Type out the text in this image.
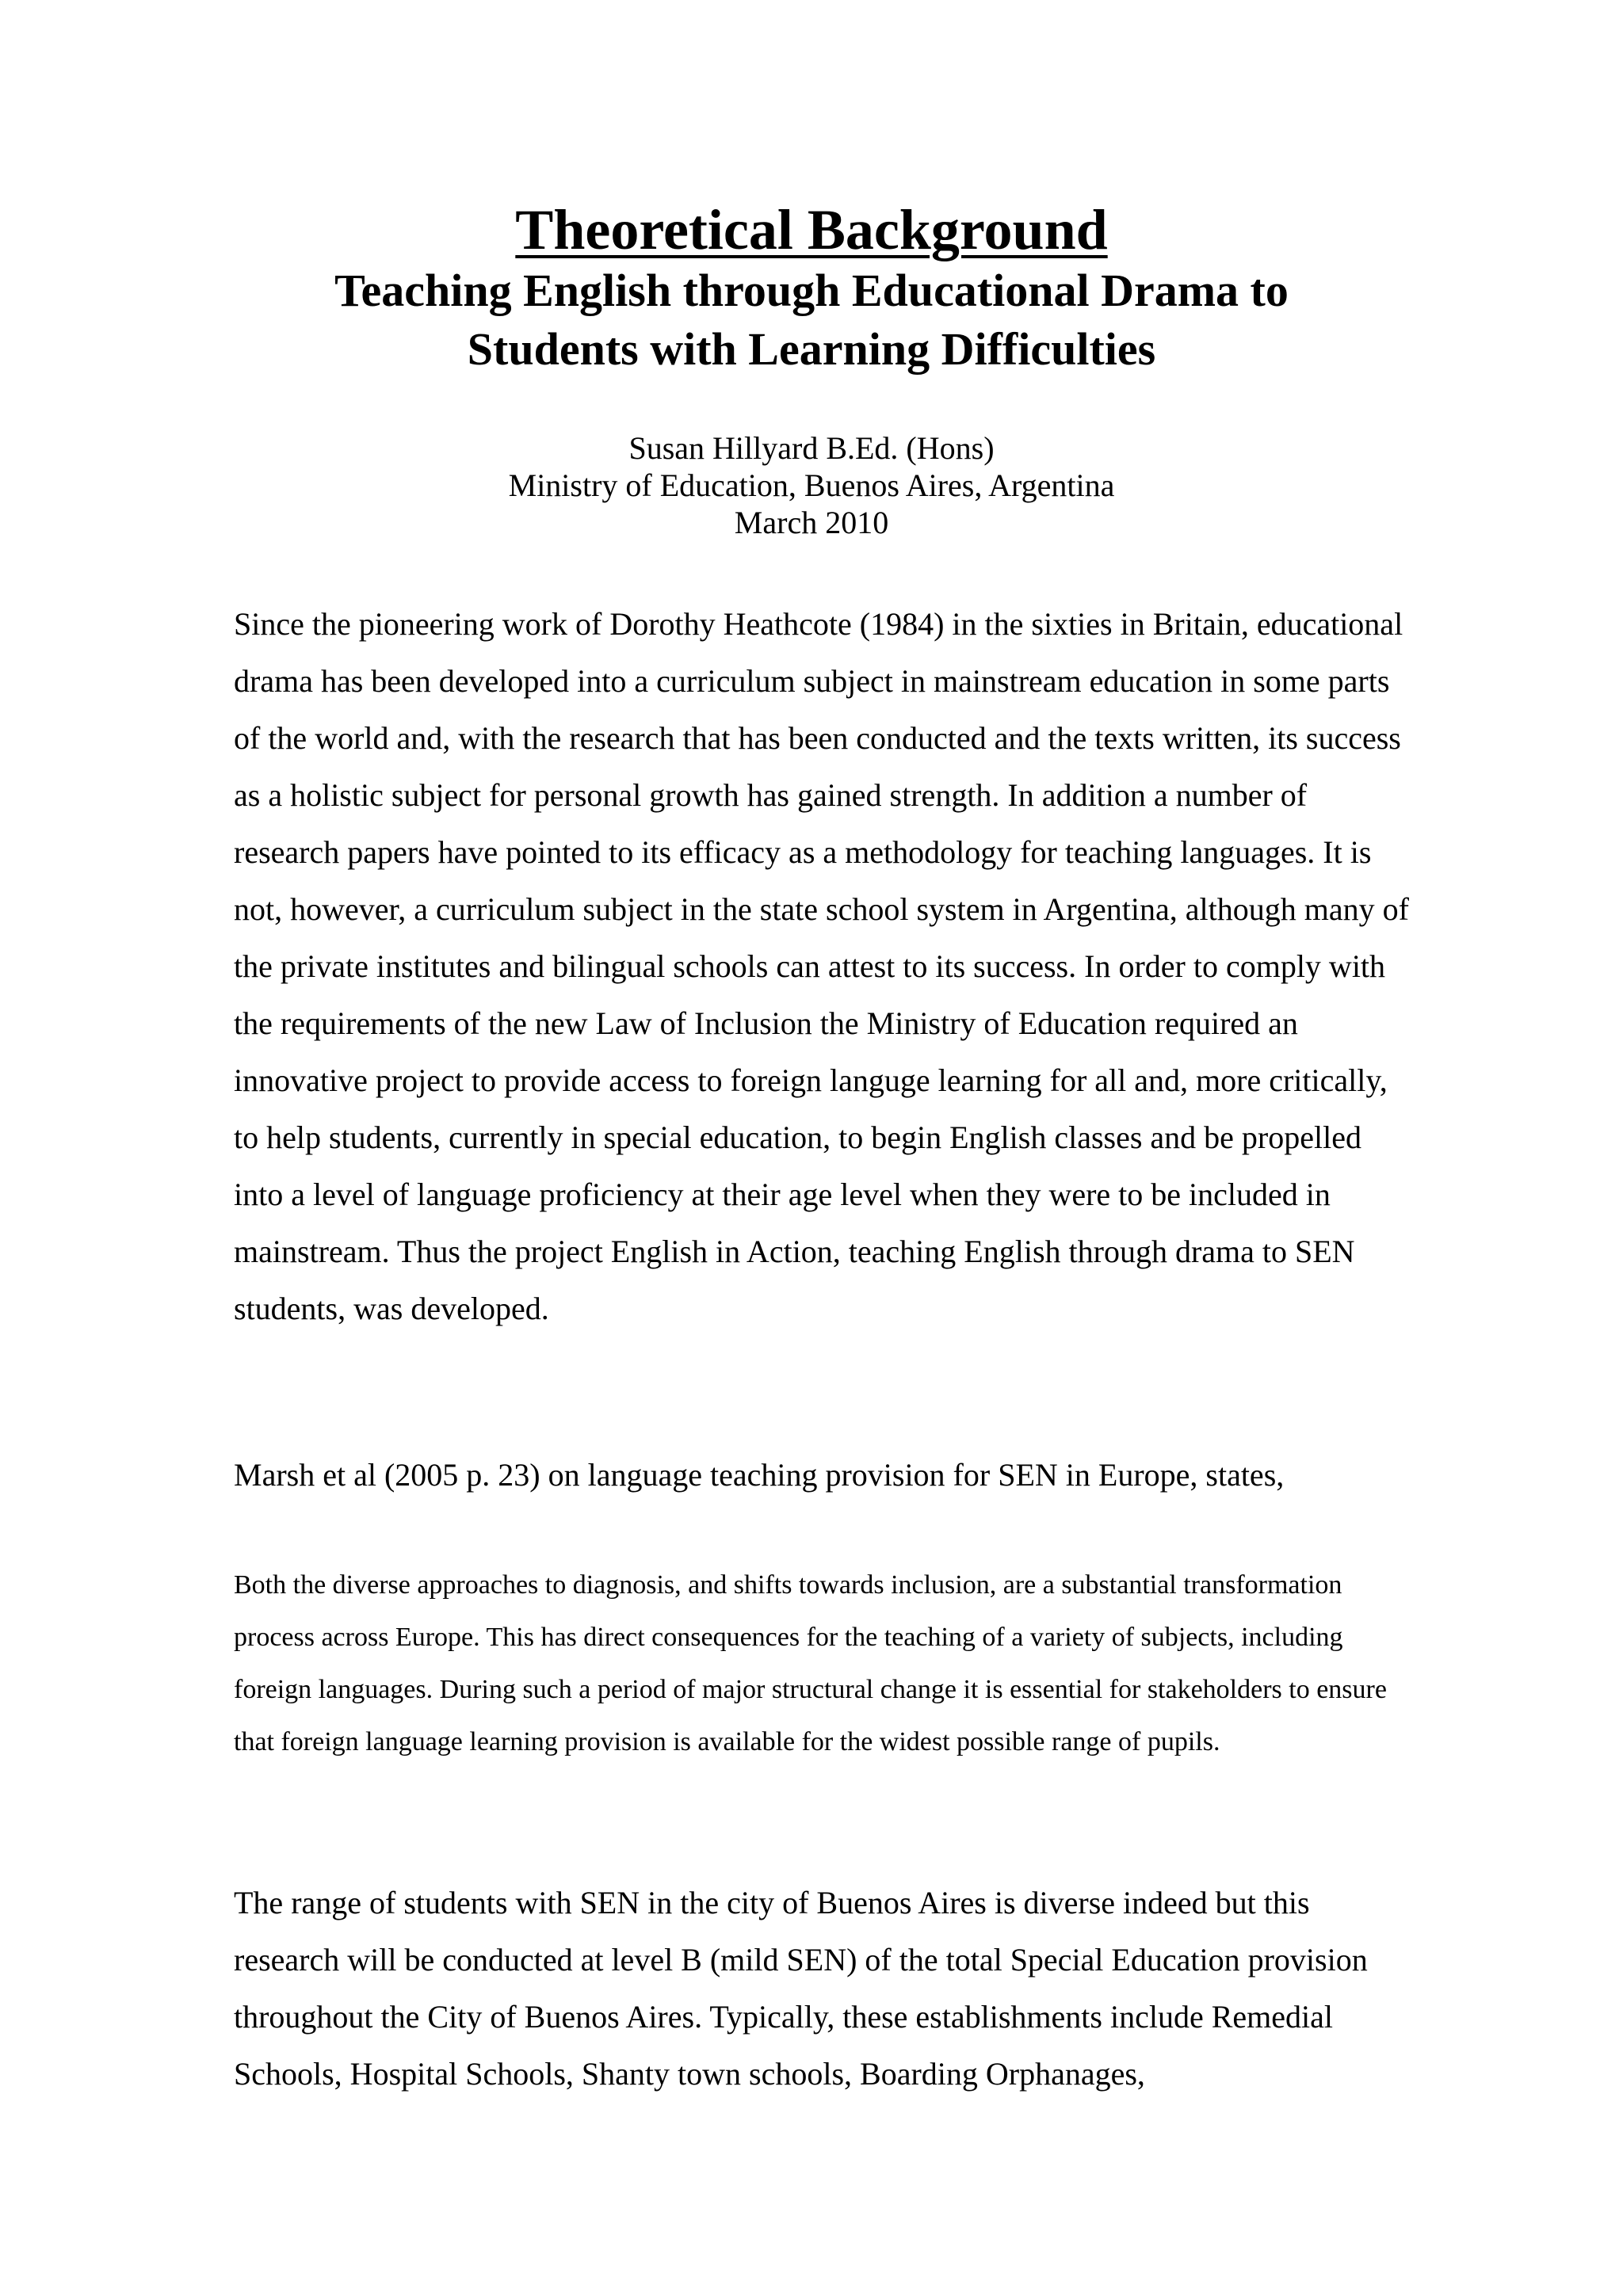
Theoretical Background
Teaching English through Educational Drama to
Students with Learning Difficulties
Susan Hillyard B.Ed. (Hons)
Ministry of Education, Buenos Aires, Argentina
March 2010

Since the pioneering work of Dorothy Heathcote (1984) in the sixties in Britain, educational drama has been developed into a curriculum subject in mainstream education in some parts of the world and, with the research that has been conducted and the texts written, its success as a holistic subject for personal growth has gained strength. In addition a number of research papers have pointed to its efficacy as a methodology for teaching languages. It is not, however, a curriculum subject in the state school system in Argentina, although many of the private institutes and bilingual schools can attest to its success. In order to comply with the requirements of the new Law of Inclusion the Ministry of Education required an innovative project to provide access to foreign languge learning for all and, more critically, to help students, currently in special education, to begin English classes and be propelled into a level of language proficiency at their age level when they were to be included in mainstream. Thus the project English in Action, teaching English through drama to SEN students, was developed.

Marsh et al (2005 p. 23) on language teaching provision for SEN in Europe, states,

Both the diverse approaches to diagnosis, and shifts towards inclusion, are a substantial transformation process across Europe. This has direct consequences for the teaching of a variety of subjects, including foreign languages. During such a period of major structural change it is essential for stakeholders to ensure that foreign language learning provision is available for the widest possible range of pupils.

The range of students with SEN in the city of Buenos Aires is diverse indeed but this research will be conducted at level B (mild SEN) of the total Special Education provision throughout the City of Buenos Aires. Typically, these establishments include Remedial Schools, Hospital Schools, Shanty town schools, Boarding Orphanages,
